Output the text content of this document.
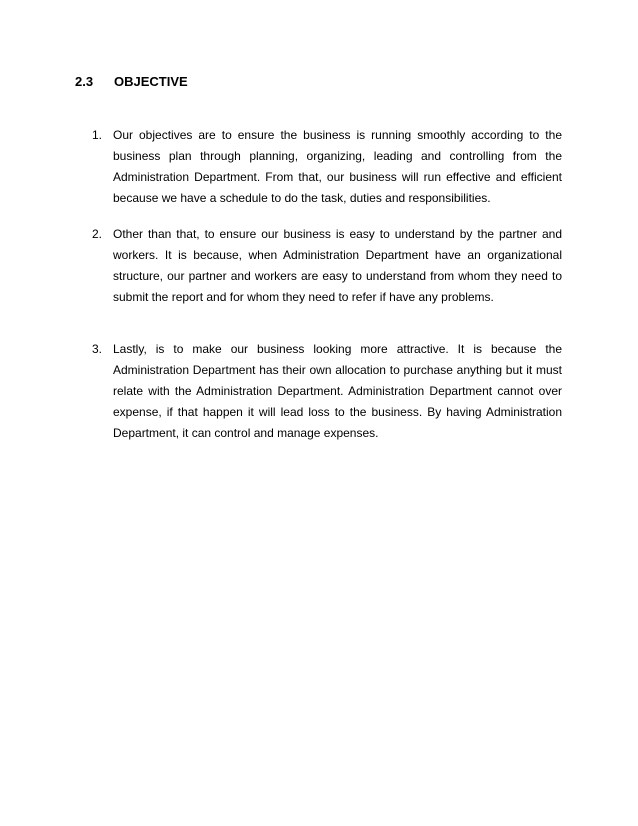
2.3	OBJECTIVE
1. Our objectives are to ensure the business is running smoothly according to the business plan through planning, organizing, leading and controlling from the Administration Department. From that, our business will run effective and efficient because we have a schedule to do the task, duties and responsibilities.
2. Other than that, to ensure our business is easy to understand by the partner and workers. It is because, when Administration Department have an organizational structure, our partner and workers are easy to understand from whom they need to submit the report and for whom they need to refer if have any problems.
3. Lastly, is to make our business looking more attractive. It is because the Administration Department has their own allocation to purchase anything but it must relate with the Administration Department. Administration Department cannot over expense, if that happen it will lead loss to the business. By having Administration Department, it can control and manage expenses.
